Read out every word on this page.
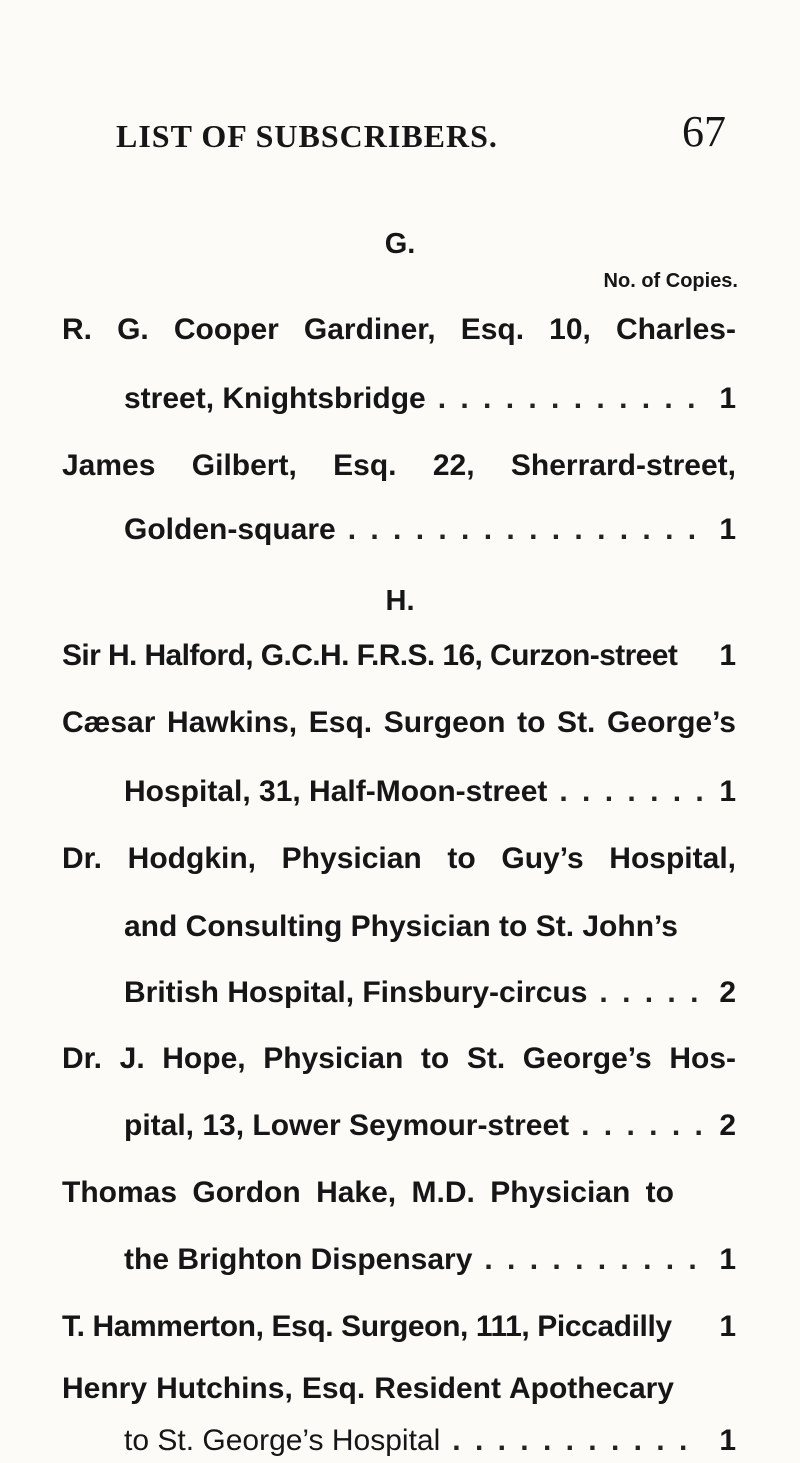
LIST OF SUBSCRIBERS.	67
G.
No. of Copies.
R. G. Cooper Gardiner, Esq. 10, Charles-
street, Knightsbridge . . .	1
James Gilbert, Esq. 22, Sherrard-street,
Golden-square . . .	1
H.
Sir H. Halford, G.C.H. F.R.S. 16, Curzon-street 1
Cæsar Hawkins, Esq. Surgeon to St. George’s
Hospital, 31, Half-Moon-street . . .	1
Dr. Hodgkin, Physician to Guy’s Hospital,
and Consulting Physician to St. John’s
British Hospital, Finsbury-circus . . .	2
Dr. J. Hope, Physician to St. George’s Hos-
pital, 13, Lower Seymour-street . . .	2
Thomas Gordon Hake, M.D. Physician to
the Brighton Dispensary . . .	1
T. Hammerton, Esq. Surgeon, 111, Piccadilly 1
Henry Hutchins, Esq. Resident Apothecary
to St. George’s Hospital . . .	1
